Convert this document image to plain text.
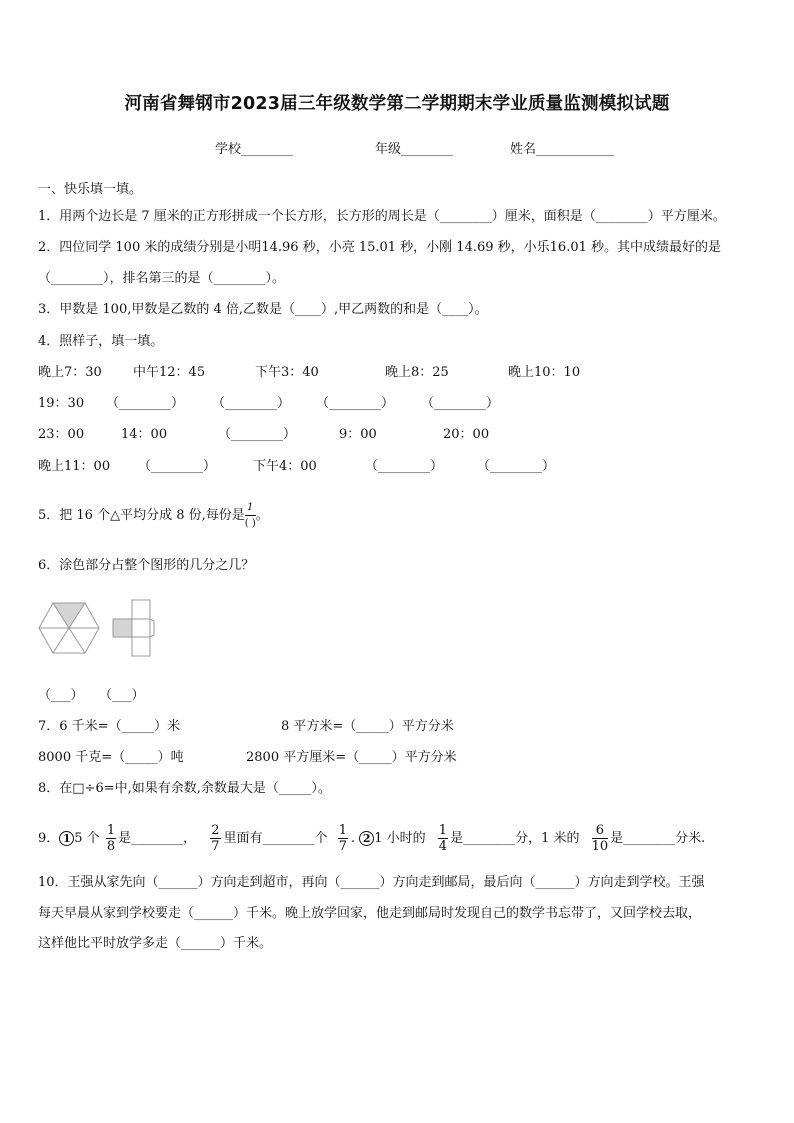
河南省舞钢市2023届三年级数学第二学期期末学业质量监测模拟试题
学校________	年级________	姓名____________
一、快乐填一填。
1．用两个边长是 7 厘米的正方形拼成一个长方形，长方形的周长是（________）厘米，面积是（________）平方厘米。
2．四位同学 100 米的成绩分别是小明14.96 秒，小亮 15.01 秒，小刚 14.69 秒，小乐16.01 秒。其中成绩最好的是
（________），排名第三的是（________）。
3．甲数是 100,甲数是乙数的 4 倍,乙数是（____）,甲乙两数的和是（____）。
4．照样子，填一填。
晚上7：30 中午12：45	下午3：40	晚上8：25	晚上10：10
19：30 （________） （________） （________） （________）
23：00	14：00	（________）	9：00	20：00
晚上11：00 （________）	下午4：00	（________）	（________）
5．把 16 个△平均分成 8 份,每份是 $\frac{1}{( )}$ 。
6．涂色部分占整个图形的几分之几？
（___） （___）
7．6 千米=（_____）米	8 平方米=（_____）平方分米
8000 千克=（_____）吨	2800 平方厘米=（_____）平方分米
8．在□÷6=中,如果有余数,余数最大是（_____）。
9． 1 5 个 $\frac{1}{8}$ 是________， $\frac{2}{7}$ 里面有________个 $\frac{1}{7}$ . 2 1 小时的 $\frac{1}{4}$ 是________分，1 米的 $\frac{6}{10}$ 是________分米.
10．王强从家先向（______）方向走到超市，再向（______）方向走到邮局，最后向（______）方向走到学校。王强
每天早晨从家到学校要走（______）千米。晚上放学回家，他走到邮局时发现自己的数学书忘带了，又回学校去取，
这样他比平时放学多走（______）千米。
